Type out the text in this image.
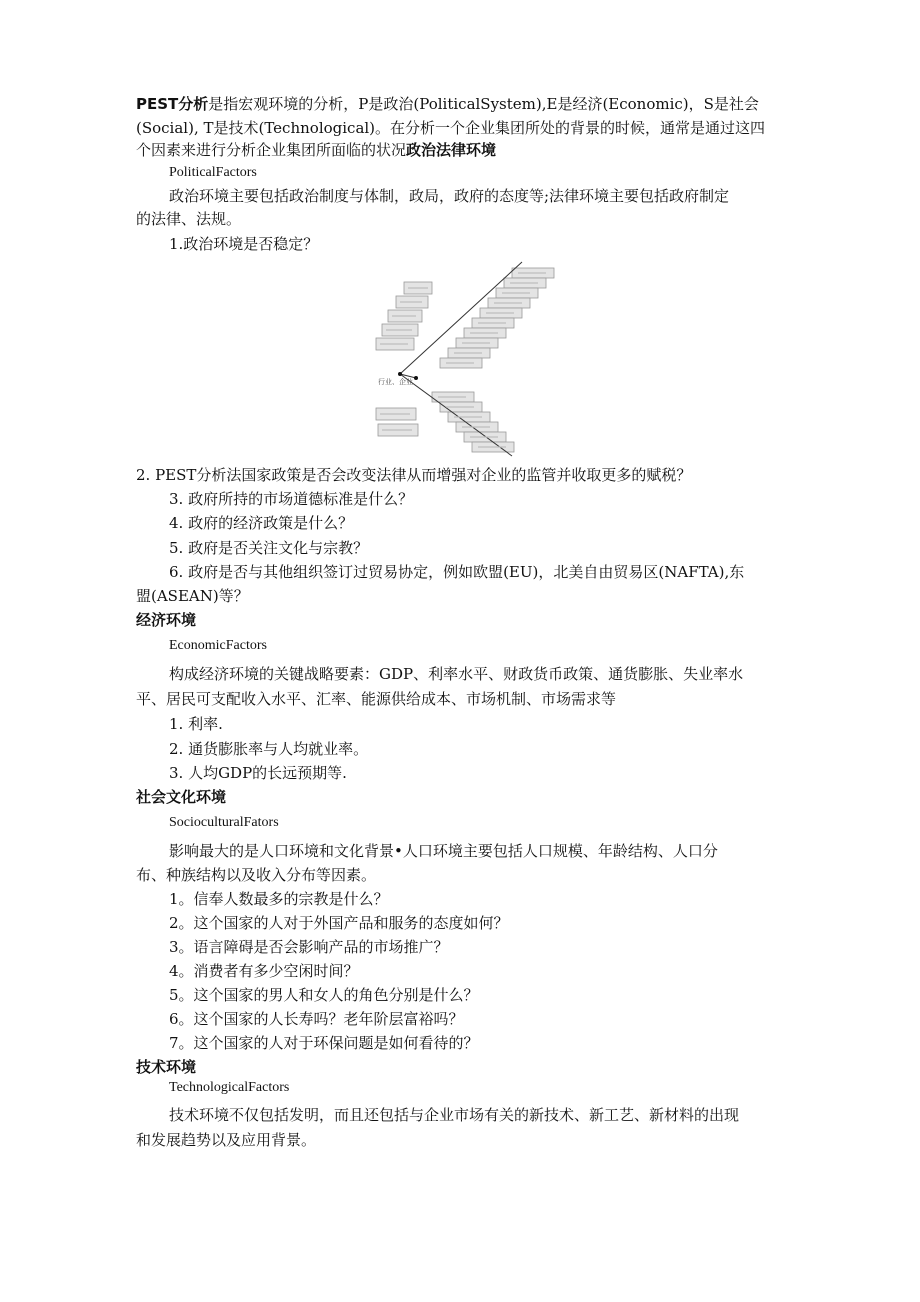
PEST分析是指宏观环境的分析，P是政治(PoliticalSystem),E是经济(Economic)，S是社会
(Social), T是技术(Technological)。在分析一个企业集团所处的背景的时候，通常是通过这四
个因素来进行分析企业集团所面临的状况政治法律环境
PoliticalFactors
政治环境主要包括政治制度与体制，政局，政府的态度等;法律环境主要包括政府制定
的法律、法规。
1.政治环境是否稳定？
行业、企业
2. PEST分析法国家政策是否会改变法律从而增强对企业的监管并收取更多的赋税？
3. 政府所持的市场道德标准是什么？
4. 政府的经济政策是什么？
5. 政府是否关注文化与宗教？
6. 政府是否与其他组织签订过贸易协定，例如欧盟(EU)，北美自由贸易区(NAFTA),东
盟(ASEAN)等？
经济环境
EconomicFactors
构成经济环境的关键战略要素：GDP、利率水平、财政货币政策、通货膨胀、失业率水
平、居民可支配收入水平、汇率、能源供给成本、市场机制、市场需求等
1. 利率.
2. 通货膨胀率与人均就业率。
3. 人均GDP的长远预期等.
社会文化环境
SocioculturalFators
影响最大的是人口环境和文化背景•人口环境主要包括人口规模、年龄结构、人口分
布、种族结构以及收入分布等因素。
1。信奉人数最多的宗教是什么？
2。这个国家的人对于外国产品和服务的态度如何？
3。语言障碍是否会影响产品的市场推广？
4。消费者有多少空闲时间？
5。这个国家的男人和女人的角色分别是什么？
6。这个国家的人长寿吗？老年阶层富裕吗？
7。这个国家的人对于环保问题是如何看待的？
技术环境
TechnologicalFactors
技术环境不仅包括发明，而且还包括与企业市场有关的新技术、新工艺、新材料的出现
和发展趋势以及应用背景。
